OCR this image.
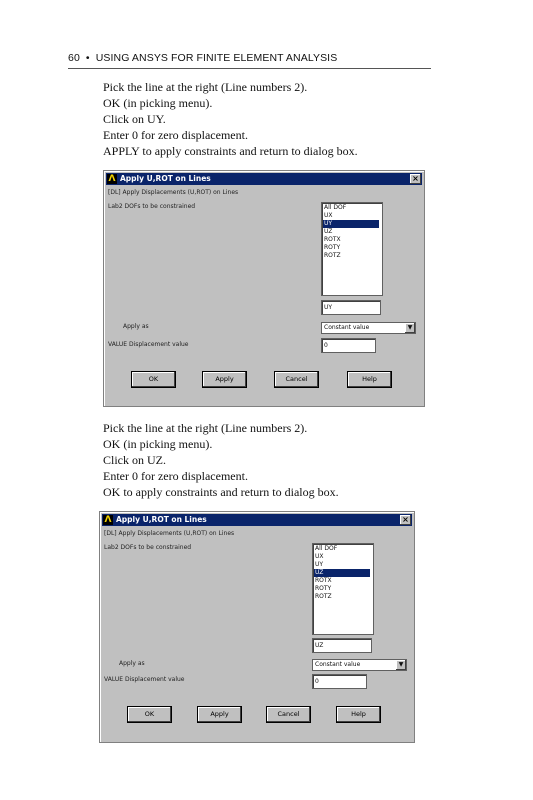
60 • USING ANSYS FOR FINITE ELEMENT ANALYSIS
Pick the line at the right (Line numbers 2).
OK (in picking menu).
Click on UY.
Enter 0 for zero displacement.
APPLY to apply constraints and return to dialog box.
Λ Apply U,ROT on Lines	×
[DL] Apply Displacements (U,ROT) on Lines
Lab2 DOFs to be constrained	All DOF
UX
UY
UZ
ROTX
ROTY
ROTZ
UY
Apply as	Constant value	▼
VALUE Displacement value	0
OK	Apply	Cancel	Help
Pick the line at the right (Line numbers 2).
OK (in picking menu).
Click on UZ.
Enter 0 for zero displacement.
OK to apply constraints and return to dialog box.
Λ Apply U,ROT on Lines	×
[DL] Apply Displacements (U,ROT) on Lines
Lab2 DOFs to be constrained	All DOF
UX
UY
UZ
ROTX
ROTY
ROTZ
UZ
Apply as	Constant value	▼
VALUE Displacement value	0
OK	Apply	Cancel	Help
